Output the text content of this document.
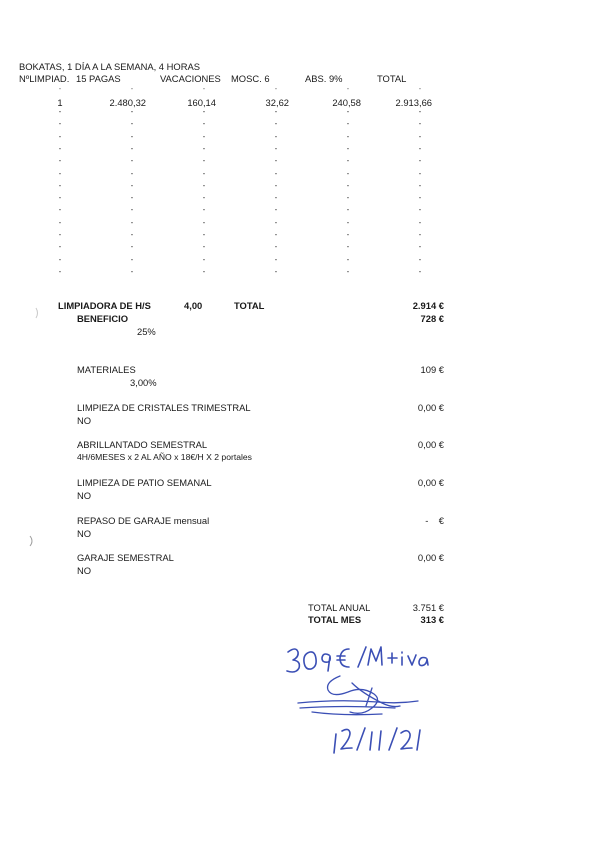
BOKATAS, 1 DÍA A LA SEMANA, 4 HORAS
NºLIMPIAD. 15 PAGAS	VACACIONES MOSC. 6	ABS. 9%	TOTAL
1	2.480,32	160,14	32,62	240,58	2.913,66
-	-	-	-	-	-
-	-	-	-	-	-
-	-	-	-	-	-
-	-	-	-	-	-
-	-	-	-	-	-
-	-	-	-	-	-
-	-	-	-	-	-
-	-	-	-	-	-
-	-	-	-	-	-
-	-	-	-	-	-
-	-	-	-	-	-
-	-	-	-	-	-
-	-	-	-	-	-
-	-	-	-	-	-
-	-	-	-	-	-
LIMPIADORA DE H/S	4,00	TOTAL	2.914 €
BENEFICIO	728 €
25%
MATERIALES
3,00%
109 €
LIMPIEZA DE CRISTALES TRIMESTRAL
NO
0,00 €
ABRILLANTADO SEMESTRAL
4H/6MESES x 2 AL AÑO x 18€/H X 2 portales
0,00 €
LIMPIEZA DE PATIO SEMANAL
NO
0,00 €
REPASO DE GARAJE mensual
NO
-    €
GARAJE SEMESTRAL
NO
0,00 €
TOTAL ANUAL	3.751 €
TOTAL MES	313 €
